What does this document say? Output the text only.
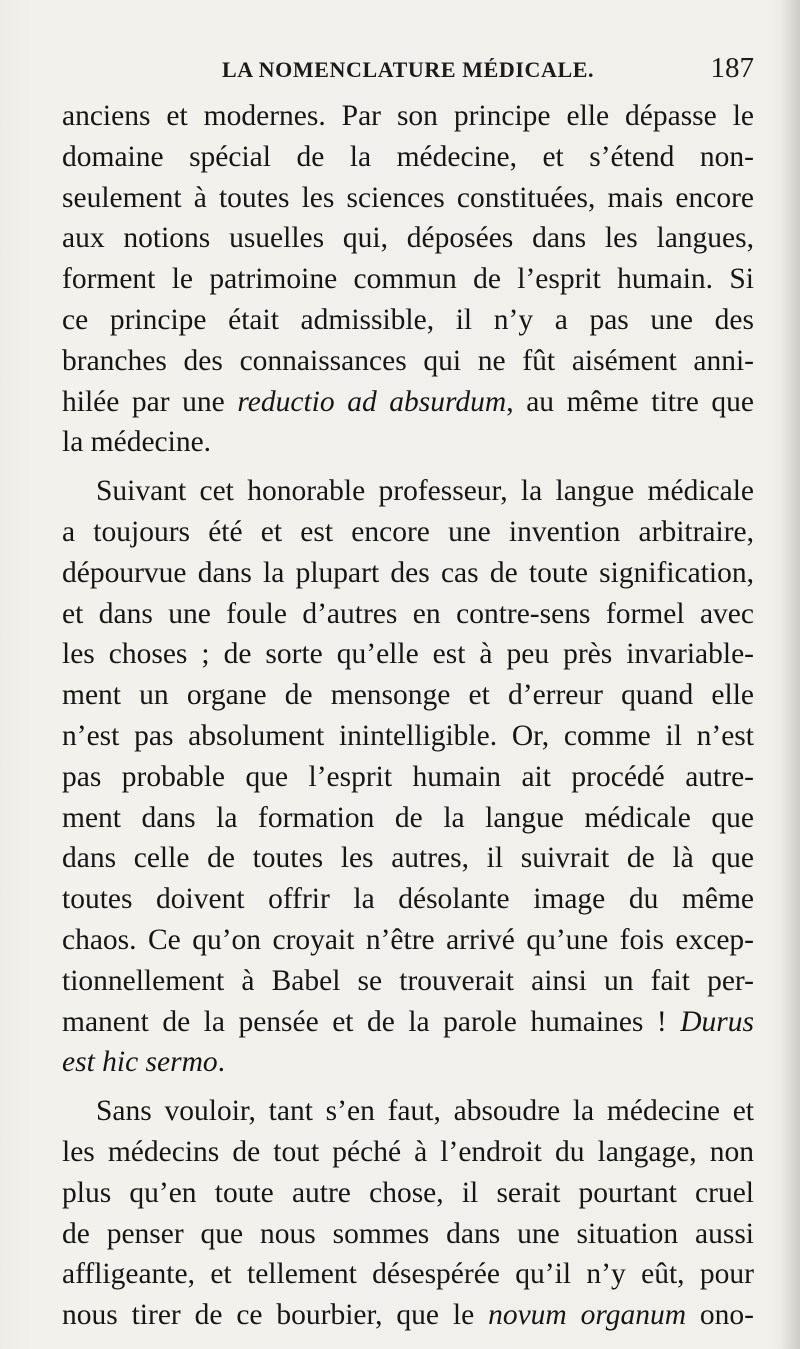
LA NOMENCLATURE MÉDICALE.	187
anciens et modernes. Par son principe elle dépasse le
domaine spécial de la médecine, et s’étend non-
seulement à toutes les sciences constituées, mais encore
aux notions usuelles qui, déposées dans les langues,
forment le patrimoine commun de l’esprit humain. Si
ce principe était admissible, il n’y a pas une des
branches des connaissances qui ne fût aisément anni-
hilée par une reductio ad absurdum, au même titre que
la médecine.
Suivant cet honorable professeur, la langue médicale
a toujours été et est encore une invention arbitraire,
dépourvue dans la plupart des cas de toute signification,
et dans une foule d’autres en contre-sens formel avec
les choses ; de sorte qu’elle est à peu près invariable-
ment un organe de mensonge et d’erreur quand elle
n’est pas absolument inintelligible. Or, comme il n’est
pas probable que l’esprit humain ait procédé autre-
ment dans la formation de la langue médicale que
dans celle de toutes les autres, il suivrait de là que
toutes doivent offrir la désolante image du même
chaos. Ce qu’on croyait n’être arrivé qu’une fois excep-
tionnellement à Babel se trouverait ainsi un fait per-
manent de la pensée et de la parole humaines ! Durus
est hic sermo.
Sans vouloir, tant s’en faut, absoudre la médecine et
les médecins de tout péché à l’endroit du langage, non
plus qu’en toute autre chose, il serait pourtant cruel
de penser que nous sommes dans une situation aussi
affligeante, et tellement désespérée qu’il n’y eût, pour
nous tirer de ce bourbier, que le novum organum ono-
